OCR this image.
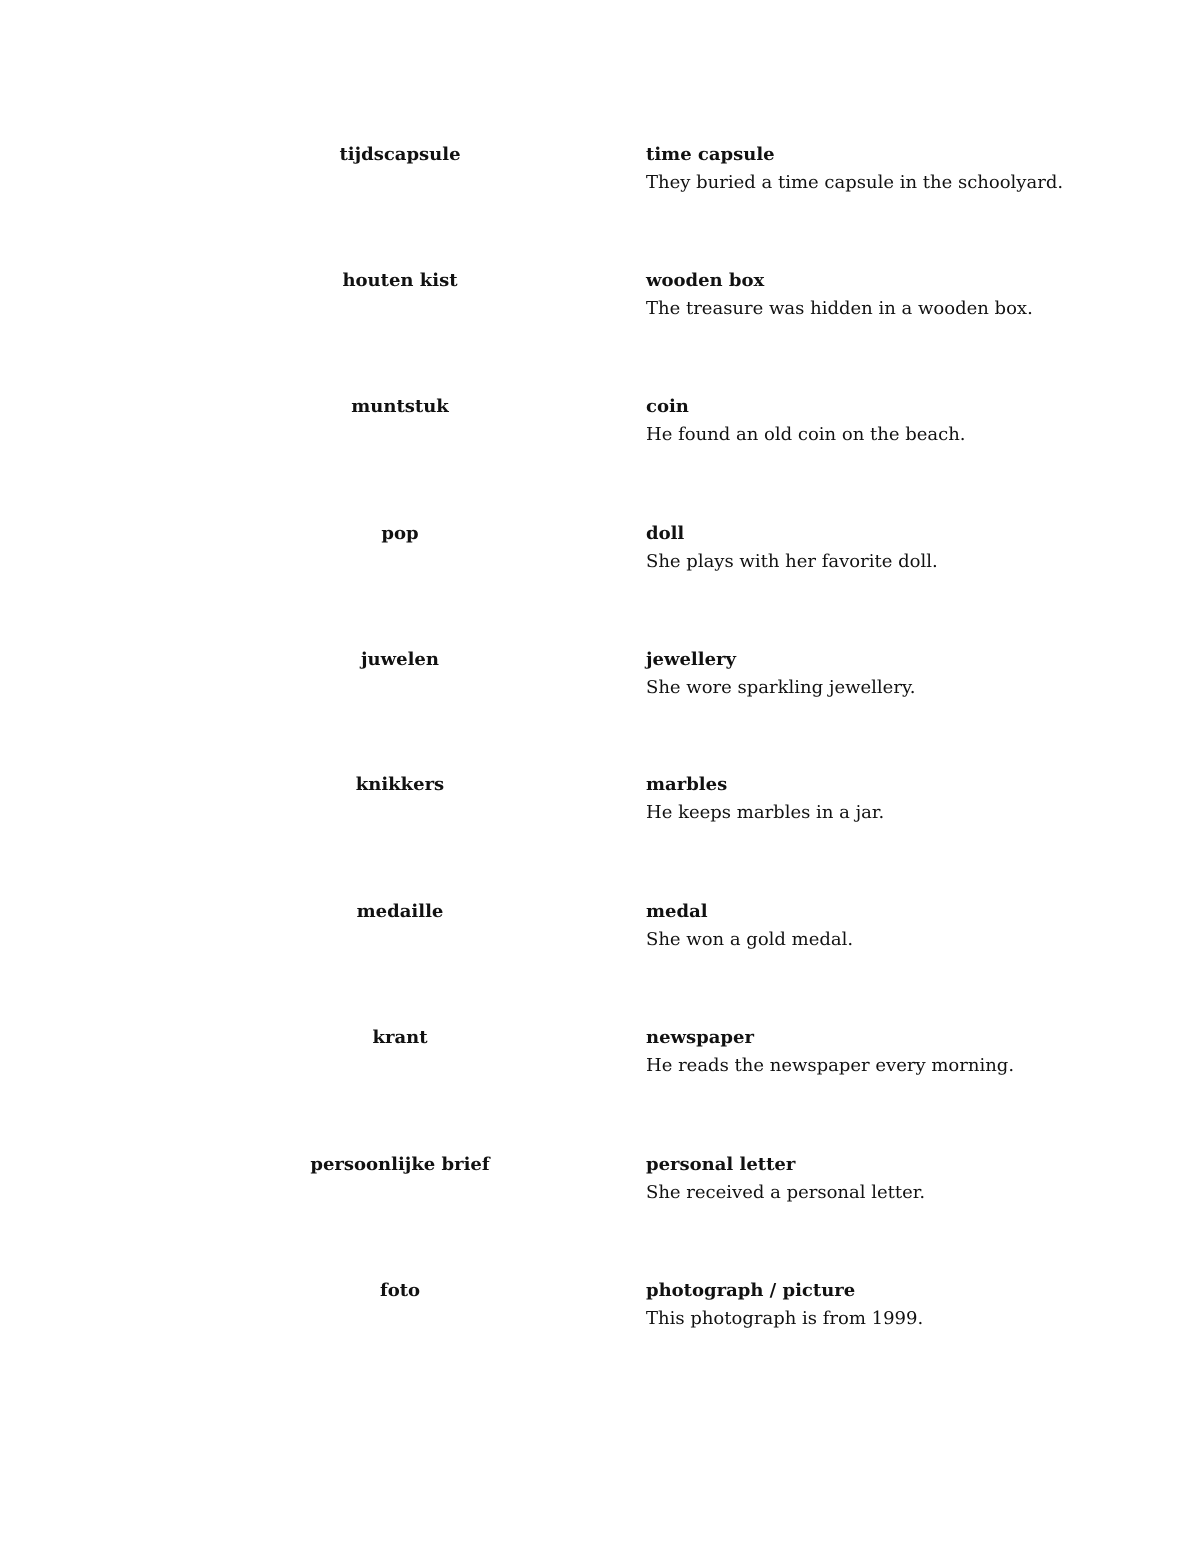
tijdscapsule	time capsule
They buried a time capsule in the schoolyard.
houten kist	wooden box
The treasure was hidden in a wooden box.
muntstuk	coin
He found an old coin on the beach.
pop	doll
She plays with her favorite doll.
juwelen	jewellery
She wore sparkling jewellery.
knikkers	marbles
He keeps marbles in a jar.
medaille	medal
She won a gold medal.
krant	newspaper
He reads the newspaper every morning.
persoonlijke brief	personal letter
She received a personal letter.
foto	photograph / picture
This photograph is from 1999.
